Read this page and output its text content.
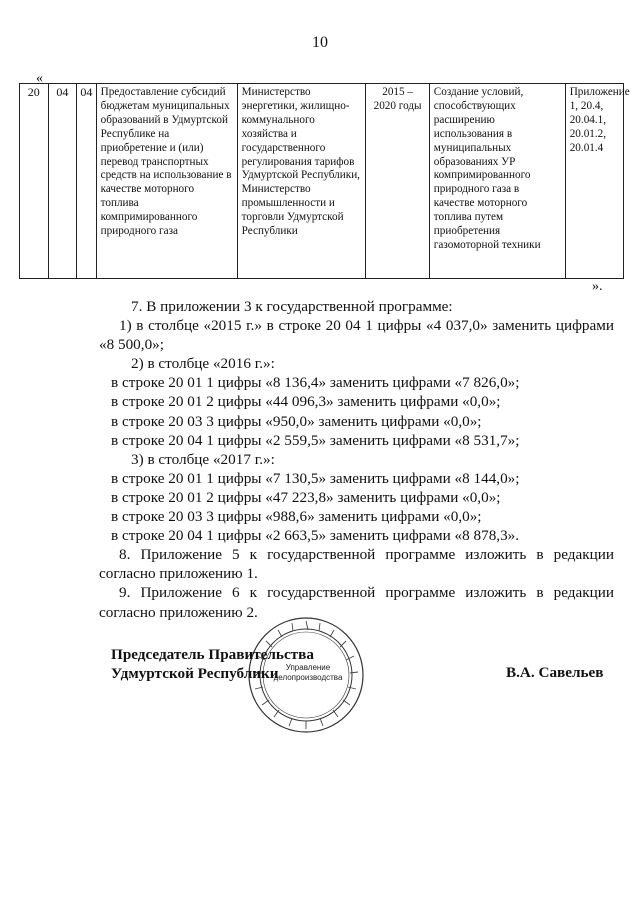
10
«
20	04	04	Предоставление субсидий бюджетам муниципальных образований в Удмуртской Республике на приобретение и (или) перевод транспортных средств на использование в качестве моторного топлива компримированного природного газа	Министерство энергетики, жилищно-коммунального хозяйства и государственного регулирования тарифов Удмуртской Республики, Министерство промышленности и торговли Удмуртской Республики	2015 – 2020 годы	Создание условий, способствующих расширению использования в муниципальных образованиях УР компримированного природного газа в качестве моторного топлива путем приобретения газомоторной техники	Приложение 1, 20.4, 20.04.1, 20.01.2, 20.01.4
».

7. В приложении 3 к государственной программе:

1) в столбце «2015 г.» в строке 20 04 1 цифры «4 037,0» заменить цифрами «8 500,0»;

2) в столбце «2016 г.»:

в строке 20 01 1 цифры «8 136,4» заменить цифрами «7 826,0»;

в строке 20 01 2 цифры «44 096,3» заменить цифрами «0,0»;

в строке 20 03 3 цифры «950,0» заменить цифрами «0,0»;

в строке 20 04 1 цифры «2 559,5» заменить цифрами «8 531,7»;

3) в столбце «2017 г.»:

в строке 20 01 1 цифры «7 130,5» заменить цифрами «8 144,0»;

в строке 20 01 2 цифры «47 223,8» заменить цифрами «0,0»;

в строке 20 03 3 цифры «988,6» заменить цифрами «0,0»;

в строке 20 04 1 цифры «2 663,5» заменить цифрами «8 878,3».

8. Приложение 5 к государственной программе изложить в редакции согласно приложению 1.

9. Приложение 6 к государственной программе изложить в редакции согласно приложению 2.

Управление
делопроизводства
Председатель Правительства
Удмуртской Республики	В.А. Савельев
